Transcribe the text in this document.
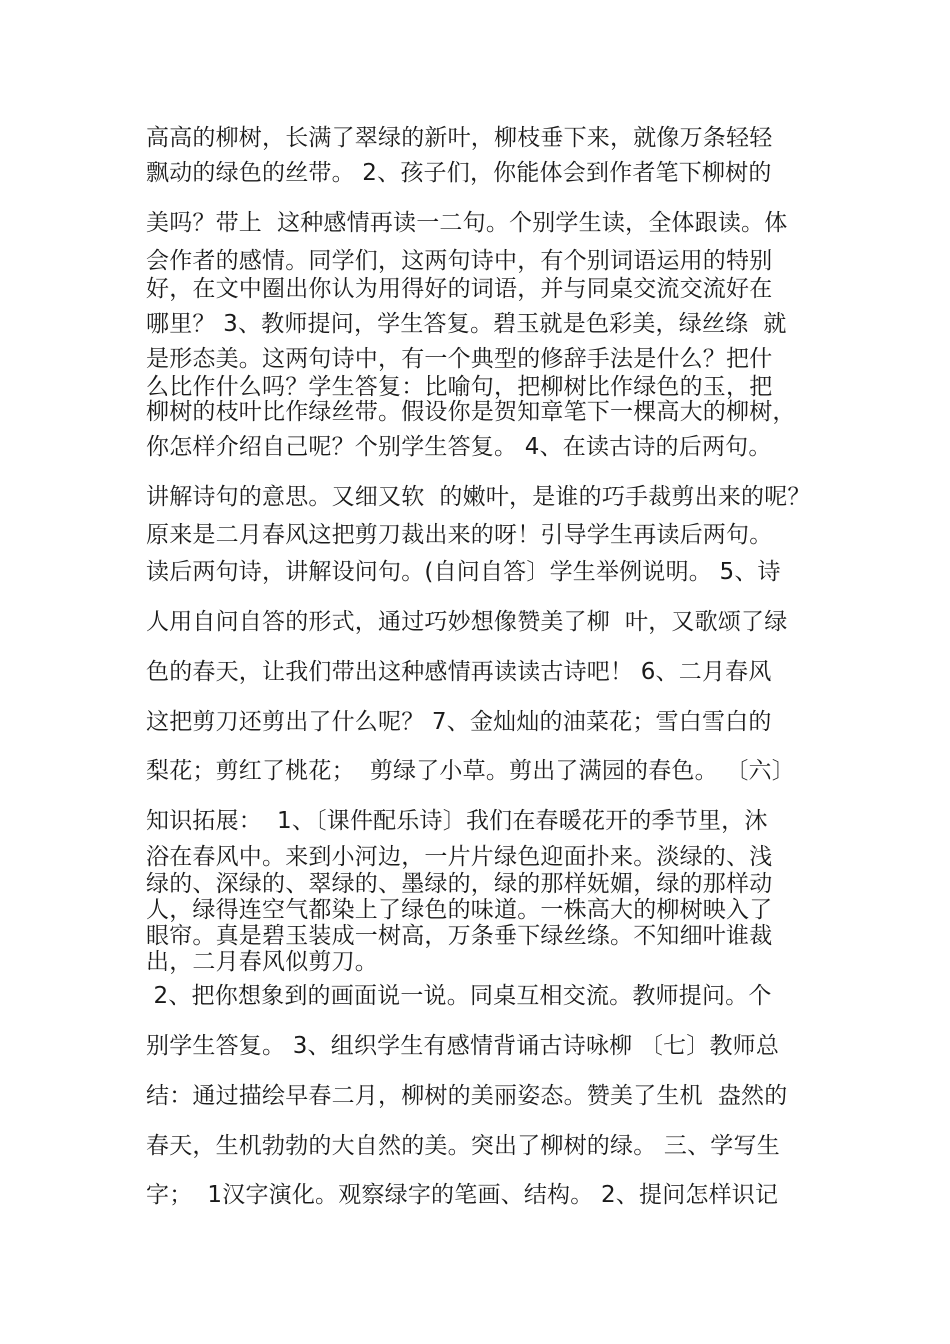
高高的柳树，长满了翠绿的新叶，柳枝垂下来，就像万条轻轻
飘动的绿色的丝带。 2、孩子们，你能体会到作者笔下柳树的
美吗？带上  这种感情再读一二句。个别学生读，全体跟读。体
会作者的感情。同学们，这两句诗中，有个别词语运用的特别
好，在文中圈出你认为用得好的词语，并与同桌交流交流好在
哪里？ 3、教师提问，学生答复。碧玉就是色彩美，绿丝绦  就
是形态美。这两句诗中，有一个典型的修辞手法是什么？把什
么比作什么吗？学生答复：比喻句，把柳树比作绿色的玉，把
柳树的枝叶比作绿丝带。假设你是贺知章笔下一棵高大的柳树，
你怎样介绍自己呢？个别学生答复。 4、在读古诗的后两句。
讲解诗句的意思。又细又软  的嫩叶，是谁的巧手裁剪出来的呢？
原来是二月春风这把剪刀裁出来的呀！引导学生再读后两句。
读后两句诗，讲解设问句。(自问自答〕学生举例说明。 5、诗
人用自问自答的形式，通过巧妙想像赞美了柳  叶，又歌颂了绿
色的春天，让我们带出这种感情再读读古诗吧！ 6、二月春风
这把剪刀还剪出了什么呢？ 7、金灿灿的油菜花；雪白雪白的
梨花；剪红了桃花；  剪绿了小草。剪出了满园的春色。 〔六〕
知识拓展：  1、〔课件配乐诗〕我们在春暖花开的季节里，沐
浴在春风中。来到小河边，一片片绿色迎面扑来。淡绿的、浅
绿的、深绿的、翠绿的、墨绿的，绿的那样妩媚，绿的那样动
人，绿得连空气都染上了绿色的味道。一株高大的柳树映入了
眼帘。真是碧玉装成一树高，万条垂下绿丝绦。不知细叶谁裁
出，二月春风似剪刀。
2、把你想象到的画面说一说。同桌互相交流。教师提问。个
别学生答复。 3、组织学生有感情背诵古诗咏柳 〔七〕教师总
结：通过描绘早春二月，柳树的美丽姿态。赞美了生机  盎然的
春天，生机勃勃的大自然的美。突出了柳树的绿。 三、学写生
字；  1汉字演化。观察绿字的笔画、结构。 2、提问怎样识记
